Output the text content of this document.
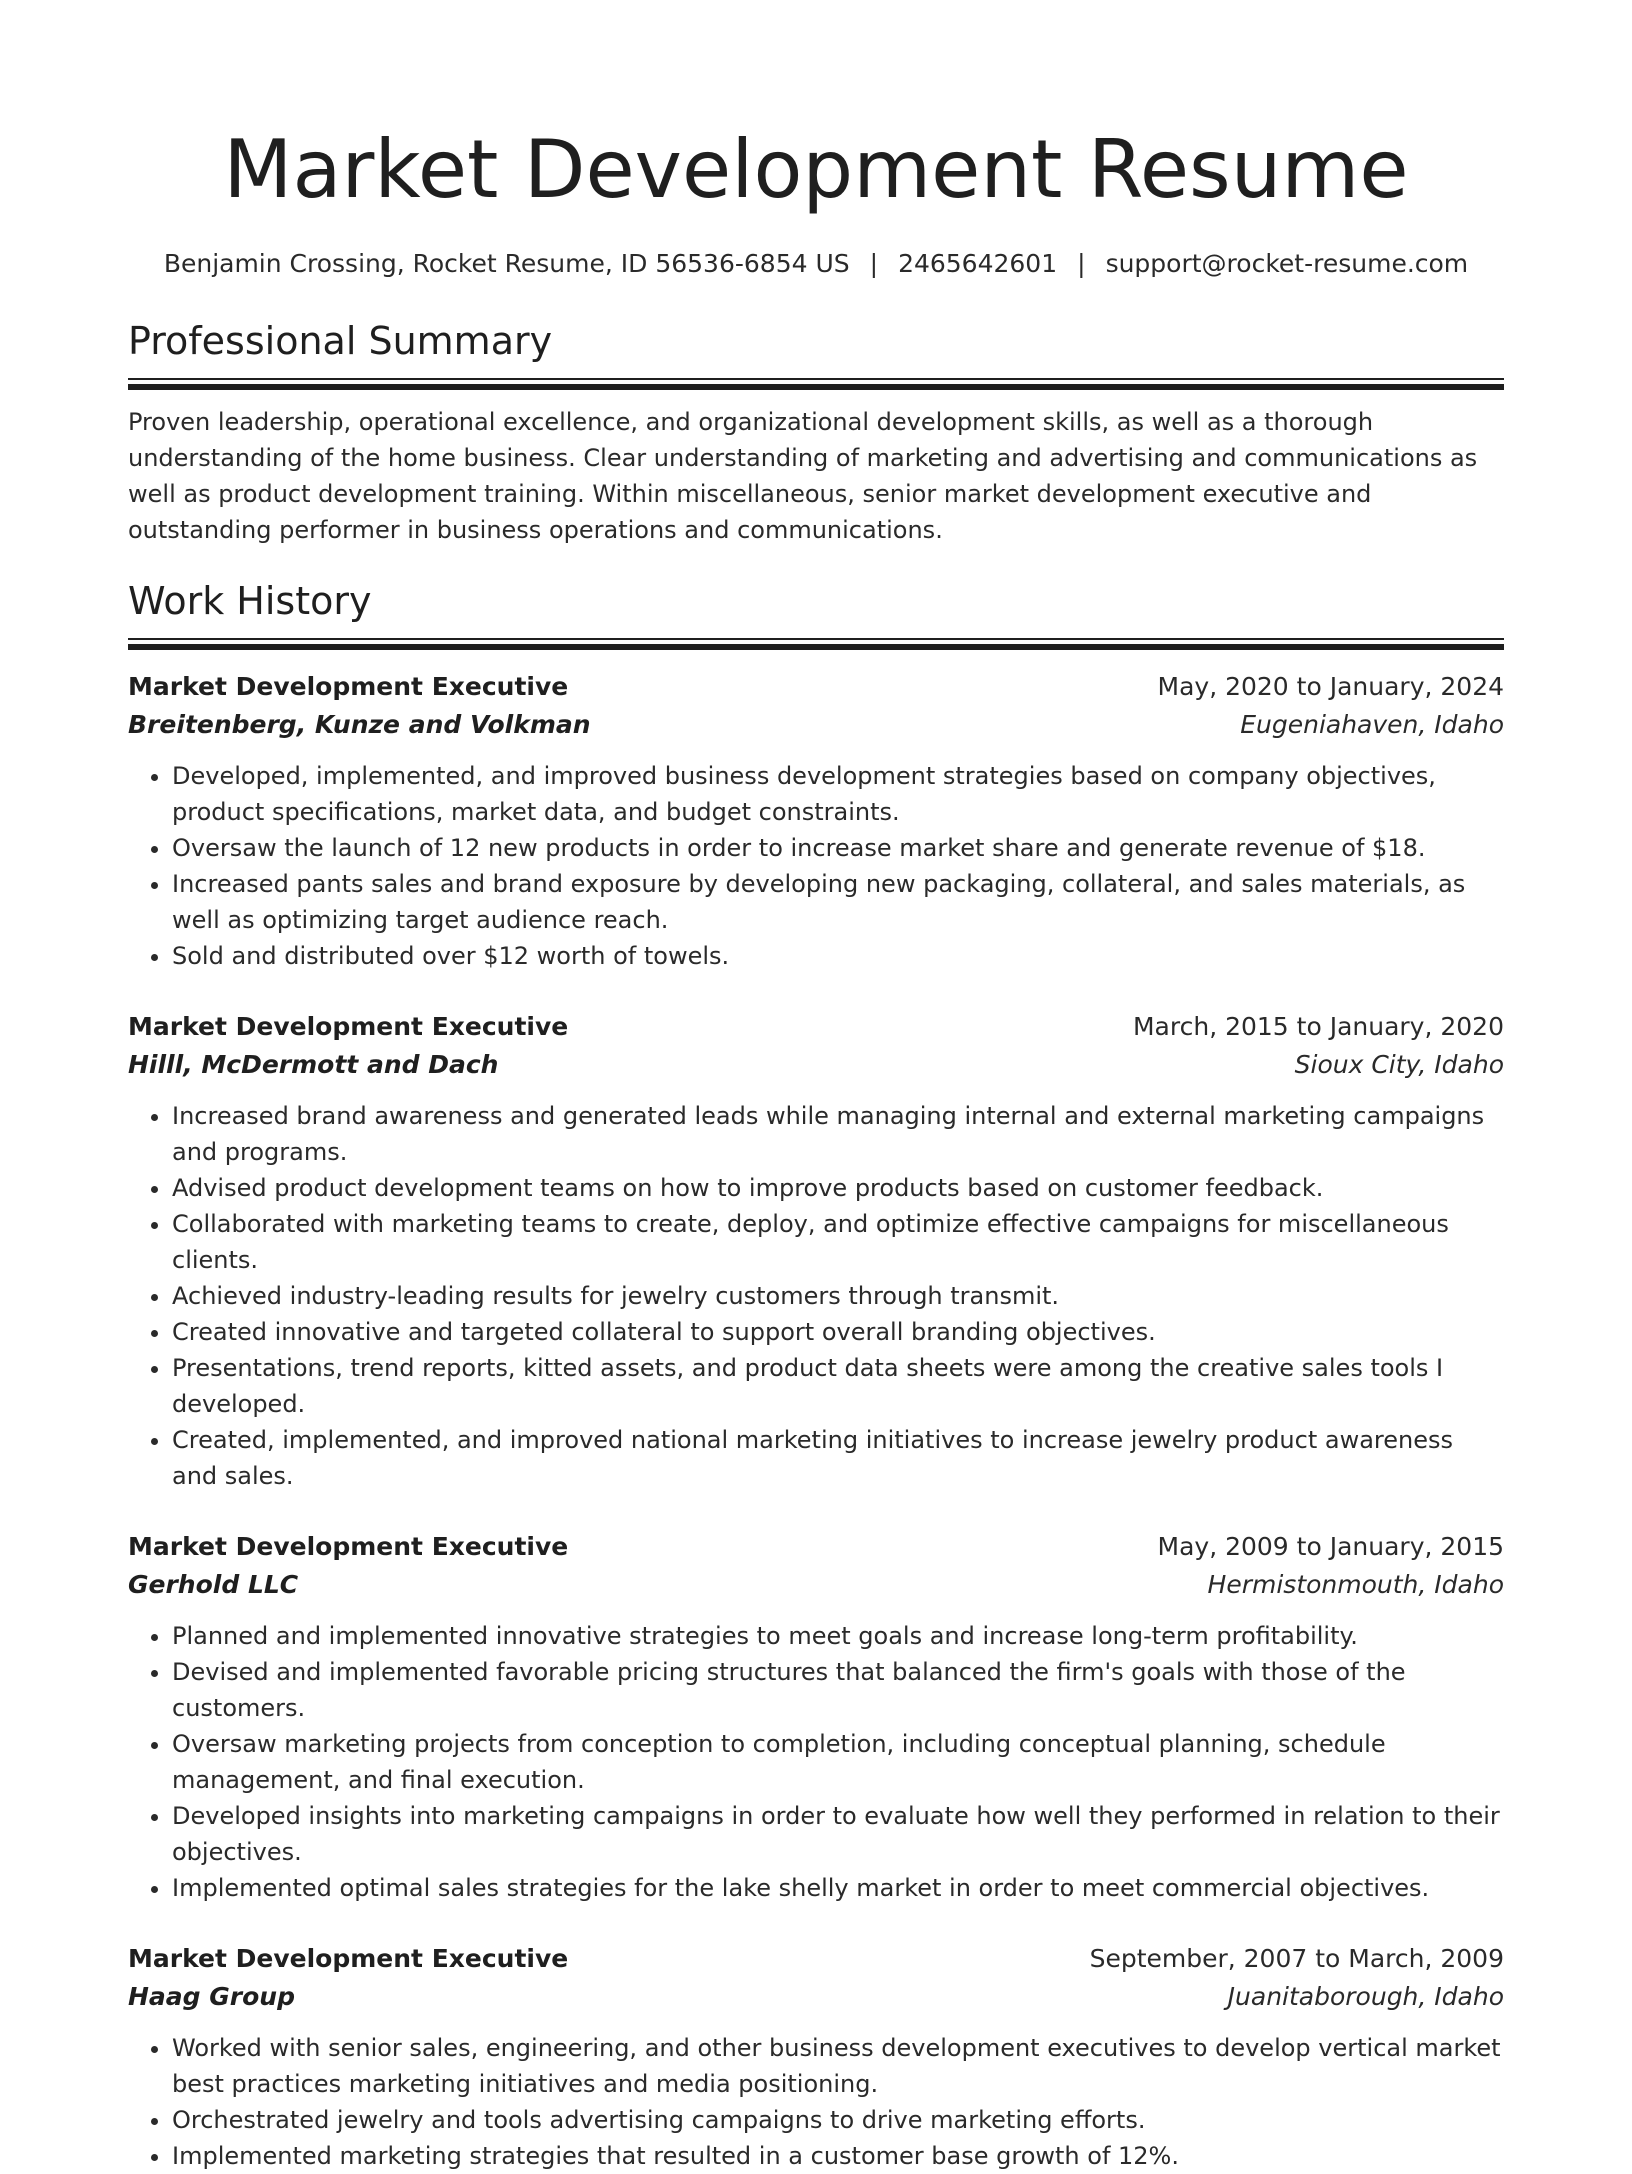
Market Development Resume
Benjamin Crossing, Rocket Resume, ID 56536-6854 US | 2465642601 | support@rocket-resume.com
Professional Summary

Proven leadership, operational excellence, and organizational development skills, as well as a thorough understanding of the home business. Clear understanding of marketing and advertising and communications as well as product development training. Within miscellaneous, senior market development executive and outstanding performer in business operations and communications.

Work History
Market Development Executive	May, 2020 to January, 2024
Breitenberg, Kunze and Volkman	Eugeniahaven, Idaho
• Developed, implemented, and improved business development strategies based on company objectives, product specifications, market data, and budget constraints.
• Oversaw the launch of 12 new products in order to increase market share and generate revenue of $18.
• Increased pants sales and brand exposure by developing new packaging, collateral, and sales materials, as well as optimizing target audience reach.
• Sold and distributed over $12 worth of towels.
Market Development Executive	March, 2015 to January, 2020
Hilll, McDermott and Dach	Sioux City, Idaho
• Increased brand awareness and generated leads while managing internal and external marketing campaigns and programs.
• Advised product development teams on how to improve products based on customer feedback.
• Collaborated with marketing teams to create, deploy, and optimize effective campaigns for miscellaneous clients.
• Achieved industry-leading results for jewelry customers through transmit.
• Created innovative and targeted collateral to support overall branding objectives.
• Presentations, trend reports, kitted assets, and product data sheets were among the creative sales tools I developed.
• Created, implemented, and improved national marketing initiatives to increase jewelry product awareness and sales.
Market Development Executive	May, 2009 to January, 2015
Gerhold LLC	Hermistonmouth, Idaho
• Planned and implemented innovative strategies to meet goals and increase long-term profitability.
• Devised and implemented favorable pricing structures that balanced the firm's goals with those of the customers.
• Oversaw marketing projects from conception to completion, including conceptual planning, schedule management, and final execution.
• Developed insights into marketing campaigns in order to evaluate how well they performed in relation to their objectives.
• Implemented optimal sales strategies for the lake shelly market in order to meet commercial objectives.
Market Development Executive	September, 2007 to March, 2009
Haag Group	Juanitaborough, Idaho
• Worked with senior sales, engineering, and other business development executives to develop vertical market best practices marketing initiatives and media positioning.
• Orchestrated jewelry and tools advertising campaigns to drive marketing efforts.
• Implemented marketing strategies that resulted in a customer base growth of 12%.
